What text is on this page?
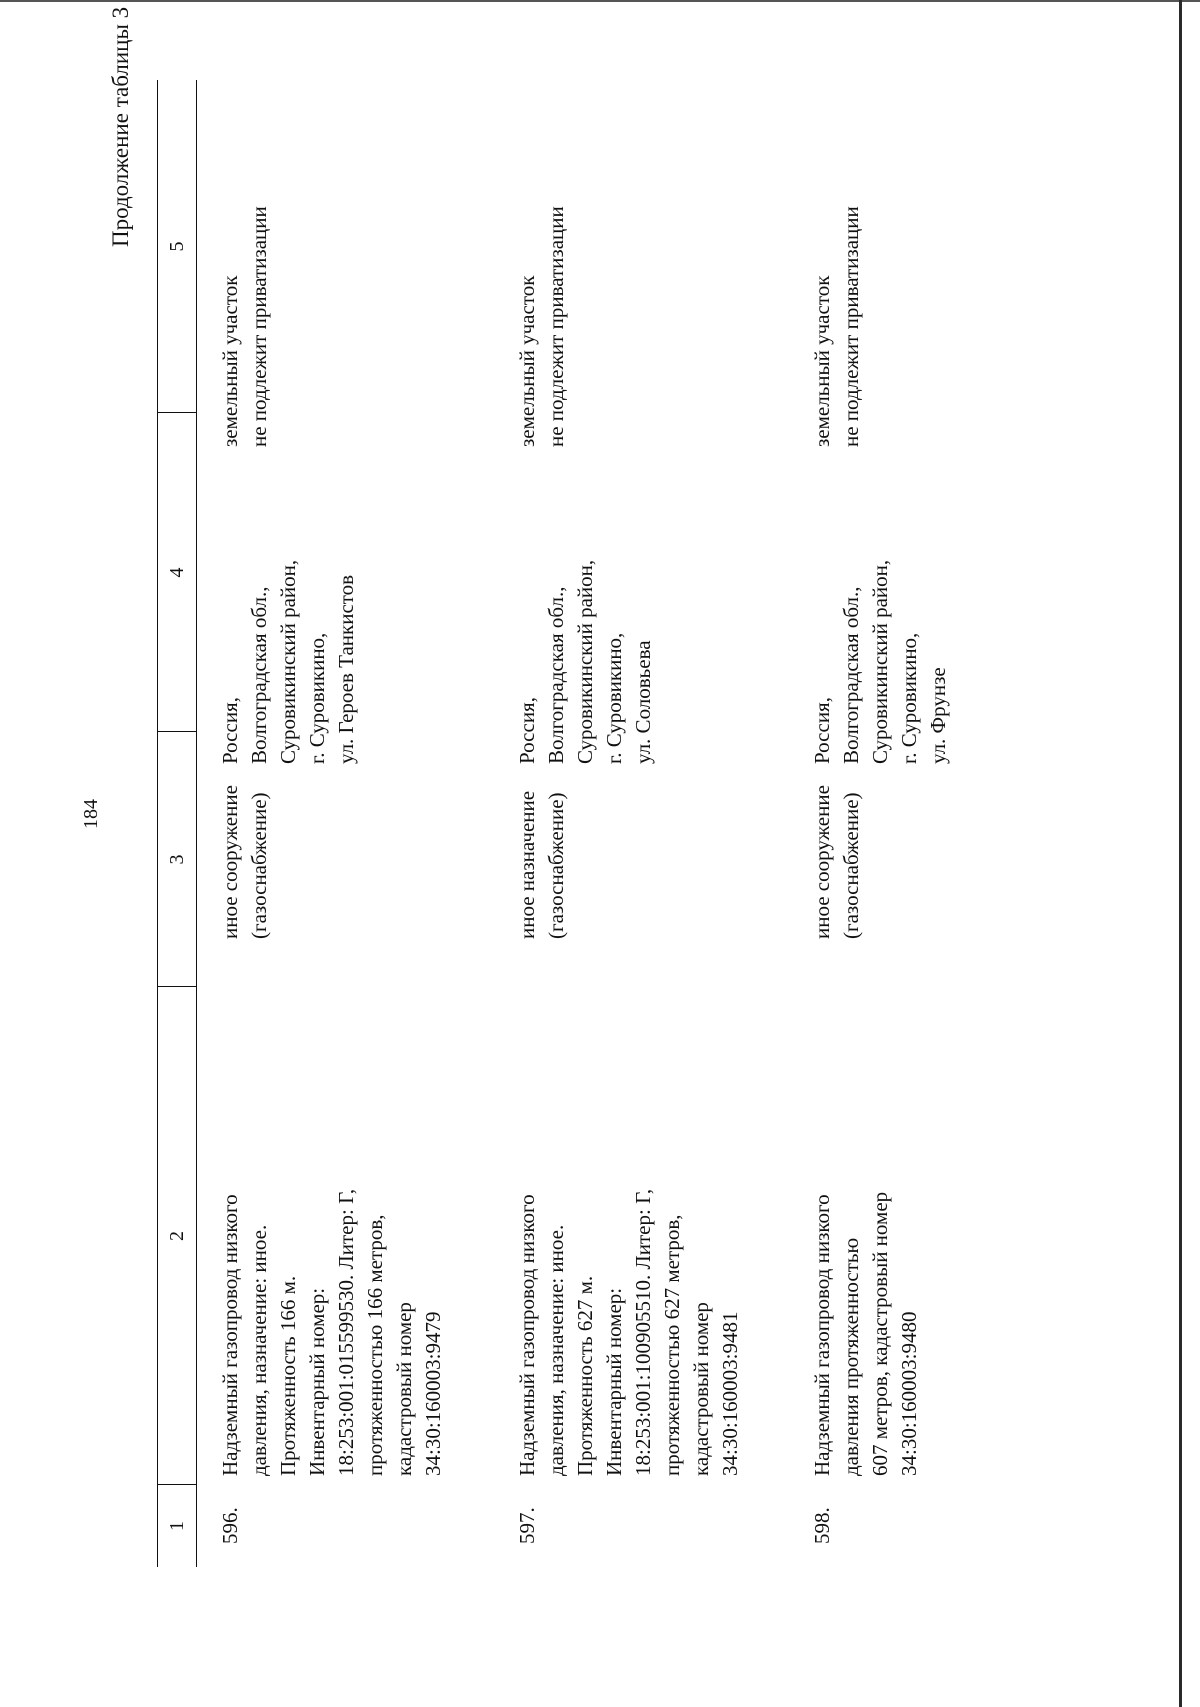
184
Продолжение таблицы 3
1
2
3
4
5
596.
Надземный газопровод низкого
давления, назначение: иное.
Протяженность 166 м.
Инвентарный номер:
18:253:001:015599530. Литер: Г,
протяженностью 166 метров,
кадастровый номер
34:30:160003:9479
иное сооружение
(газоснабжение)
Россия,
Волгоградская обл.,
Суровикинский район,
г. Суровикино,
ул. Героев Танкистов
земельный участок
не подлежит приватизации
597.
Надземный газопровод низкого
давления, назначение: иное.
Протяженность 627 м.
Инвентарный номер:
18:253:001:100905510. Литер: Г,
протяженностью 627 метров,
кадастровый номер
34:30:160003:9481
иное назначение
(газоснабжение)
Россия,
Волгоградская обл.,
Суровикинский район,
г. Суровикино,
ул. Соловьева
земельный участок
не подлежит приватизации
598.
Надземный газопровод низкого
давления протяженностью
607 метров, кадастровый номер
34:30:160003:9480
иное сооружение
(газоснабжение)
Россия,
Волгоградская обл.,
Суровикинский район,
г. Суровикино,
ул. Фрунзе
земельный участок
не подлежит приватизации
